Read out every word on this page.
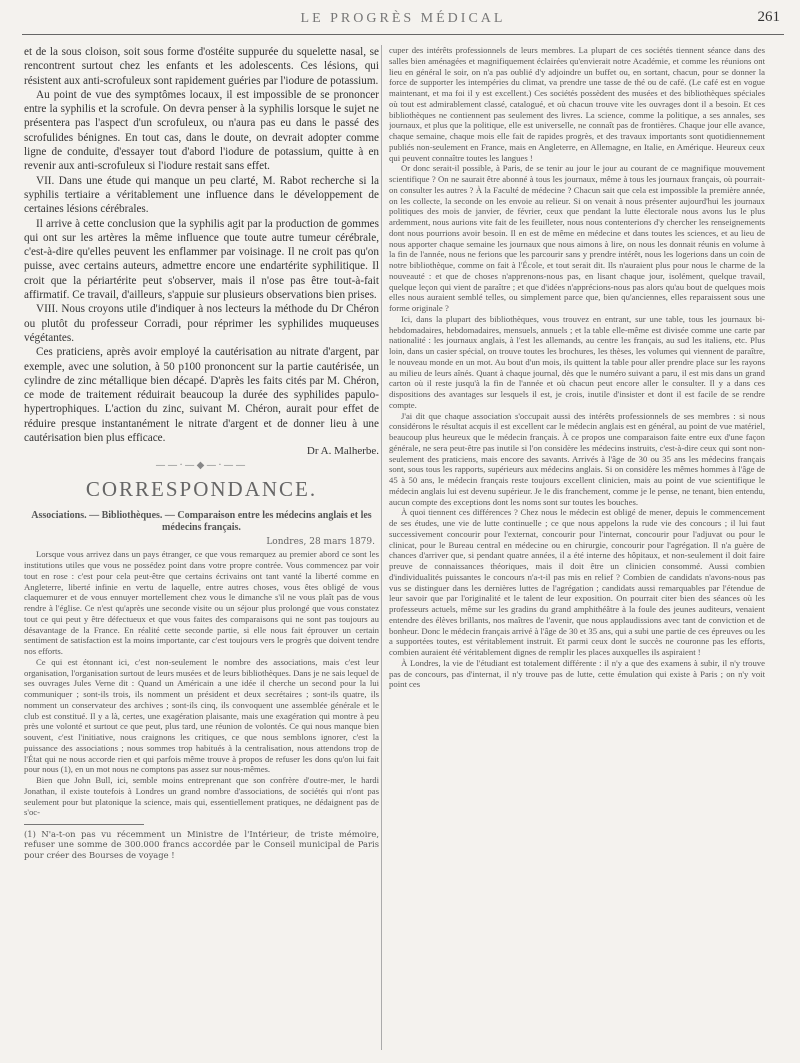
LE PROGRÈS MÉDICAL	261

et de la sous cloison, soit sous forme d'ostéite suppurée du squelette nasal, se rencontrent surtout chez les enfants et les adolescents. Ces lésions, qui résistent aux anti-scrofuleux sont rapidement guéries par l'iodure de potassium.

Au point de vue des symptômes locaux, il est impossible de se prononcer entre la syphilis et la scrofule. On devra penser à la syphilis lorsque le sujet ne présentera pas l'aspect d'un scrofuleux, ou n'aura pas eu dans le passé des scrofulides bénignes. En tout cas, dans le doute, on devrait adopter comme ligne de conduite, d'essayer tout d'abord l'iodure de potassium, quitte à en revenir aux anti-scrofuleux si l'iodure restait sans effet.

VII. Dans une étude qui manque un peu clarté, M. Rabot recherche si la syphilis tertiaire a véritablement une influence dans le développement de certaines lésions cérébrales.

Il arrive à cette conclusion que la syphilis agit par la production de gommes qui ont sur les artères la même influence que toute autre tumeur cérébrale, c'est-à-dire qu'elles peuvent les enflammer par voisinage. Il ne croit pas qu'on puisse, avec certains auteurs, admettre encore une endartérite syphilitique. Il croit que la périartérite peut s'observer, mais il n'ose pas être tout-à-fait affirmatif. Ce travail, d'ailleurs, s'appuie sur plusieurs observations bien prises.

VIII. Nous croyons utile d'indiquer à nos lecteurs la méthode du Dr Chéron ou plutôt du professeur Corradi, pour réprimer les syphilides muqueuses végétantes.

Ces praticiens, après avoir employé la cautérisation au nitrate d'argent, par exemple, avec une solution, à 50 p100 prononcent sur la partie cautérisée, un cylindre de zinc métallique bien décapé. D'après les faits cités par M. Chéron, ce mode de traitement réduirait beaucoup la durée des syphilides papulo-hypertrophiques. L'action du zinc, suivant M. Chéron, aurait pour effet de réduire presque instantanément le nitrate d'argent et de donner lieu à une cautérisation bien plus efficace.

Dr A. Malherbe.

——·—◆—·——
CORRESPONDANCE.
Associations. — Bibliothèques. — Comparaison entre les médecins anglais et les médecins français.
Londres, 28 mars 1879.

Lorsque vous arrivez dans un pays étranger, ce que vous remarquez au premier abord ce sont les institutions utiles que vous ne possédez point dans votre propre contrée. Vous commencez par voir tout en rose : c'est pour cela peut-être que certains écrivains ont tant vanté la liberté comme en Angleterre, liberté infinie en vertu de laquelle, entre autres choses, vous êtes obligé de vous claquemurer et de vous ennuyer mortellement chez vous le dimanche s'il ne vous plaît pas de vous rendre à l'église. Ce n'est qu'après une seconde visite ou un séjour plus prolongé que vous constatez tout ce qui peut y être défectueux et que vous faites des comparaisons qui ne sont pas toujours au désavantage de la France. En réalité cette seconde partie, si elle nous fait éprouver un certain sentiment de satisfaction est la moins importante, car c'est toujours vers le progrès que doivent tendre nos efforts.

Ce qui est étonnant ici, c'est non-seulement le nombre des associations, mais c'est leur organisation, l'organisation surtout de leurs musées et de leurs bibliothèques. Dans je ne sais lequel de ses ouvrages Jules Verne dit : Quand un Américain a une idée il cherche un second pour la lui communiquer ; sont-ils trois, ils nomment un président et deux secrétaires ; sont-ils quatre, ils nomment un conservateur des archives ; sont-ils cinq, ils convoquent une assemblée générale et le club est constitué. Il y a là, certes, une exagération plaisante, mais une exagération qui montre à peu près une volonté et surtout ce que peut, plus tard, une réunion de volontés. Ce qui nous manque bien souvent, c'est l'initiative, nous craignons les critiques, ce que nous semblons ignorer, c'est la puissance des associations ; nous sommes trop habitués à la centralisation, nous attendons trop de l'État qui ne nous accorde rien et qui parfois même trouve à propos de refuser les dons qu'on lui fait pour nous (1), en un mot nous ne comptons pas assez sur nous-mêmes.

Bien que John Bull, ici, semble moins entreprenant que son confrère d'outre-mer, le hardi Jonathan, il existe toutefois à Londres un grand nombre d'associations, de sociétés qui n'ont pas seulement pour but platonique la science, mais qui, essentiellement pratiques, ne dédaignent pas de s'oc-

(1) N'a-t-on pas vu récemment un Ministre de l'Intérieur, de triste mémoire, refuser une somme de 300.000 francs accordée par le Conseil municipal de Paris pour créer des Bourses de voyage !

cuper des intérêts professionnels de leurs membres. La plupart de ces sociétés tiennent séance dans des salles bien aménagées et magnifiquement éclairées qu'envierait notre Académie, et comme les réunions ont lieu en général le soir, on n'a pas oublié d'y adjoindre un buffet ou, en sortant, chacun, pour se donner la force de supporter les intempéries du climat, va prendre une tasse de thé ou de café. (Le café est en vogue maintenant, et ma foi il y est excellent.) Ces sociétés possèdent des musées et des bibliothèques spéciales où tout est admirablement classé, catalogué, et où chacun trouve vite les ouvrages dont il a besoin. Et ces bibliothèques ne contiennent pas seulement des livres. La science, comme la politique, a ses annales, ses journaux, et plus que la politique, elle est universelle, ne connaît pas de frontières. Chaque jour elle avance, chaque semaine, chaque mois elle fait de rapides progrès, et des travaux importants sont quotidiennement publiés non-seulement en France, mais en Angleterre, en Allemagne, en Italie, en Amérique. Heureux ceux qui peuvent connaître toutes les langues !

Or donc serait-il possible, à Paris, de se tenir au jour le jour au courant de ce magnifique mouvement scientifique ? On ne saurait être abonné à tous les journaux, même à tous les journaux français, où pourrait-on consulter les autres ? À la Faculté de médecine ? Chacun sait que cela est impossible la première année, on les collecte, la seconde on les envoie au relieur. Si on venait à nous présenter aujourd'hui les journaux politiques des mois de janvier, de février, ceux que pendant la lutte électorale nous avons lus le plus ardemment, nous aurions vite fait de les feuilleter, nous nous contenterions d'y chercher les renseignements dont nous pourrions avoir besoin. Il en est de même en médecine et dans toutes les sciences, et au lieu de nous apporter chaque semaine les journaux que nous aimons à lire, on nous les donnait réunis en volume à la fin de l'année, nous ne ferions que les parcourir sans y prendre intérêt, nous les logerions dans un coin de notre bibliothèque, comme on fait à l'École, et tout serait dit. Ils n'auraient plus pour nous le charme de la nouveauté : et que de choses n'apprenons-nous pas, en lisant chaque jour, isolément, quelque travail, quelque leçon qui vient de paraître ; et que d'idées n'apprécions-nous pas alors qu'au bout de quelques mois elles nous auraient semblé telles, ou simplement parce que, bien qu'anciennes, elles reparaissent sous une forme originale ?

Ici, dans la plupart des bibliothèques, vous trouvez en entrant, sur une table, tous les journaux bi-hebdomadaires, hebdomadaires, mensuels, annuels ; et la table elle-même est divisée comme une carte par nationalité : les journaux anglais, à l'est les allemands, au centre les français, au sud les italiens, etc. Plus loin, dans un casier spécial, on trouve toutes les brochures, les thèses, les volumes qui viennent de paraître, le nouveau monde en un mot. Au bout d'un mois, ils quittent la table pour aller prendre place sur les rayons au milieu de leurs aînés. Quant à chaque journal, dès que le numéro suivant a paru, il est mis dans un grand carton où il reste jusqu'à la fin de l'année et où chacun peut encore aller le consulter. Il y a dans ces dispositions des avantages sur lesquels il est, je crois, inutile d'insister et dont il est facile de se rendre compte.

J'ai dit que chaque association s'occupait aussi des intérêts professionnels de ses membres : si nous considérons le résultat acquis il est excellent car le médecin anglais est en général, au point de vue matériel, beaucoup plus heureux que le médecin français. À ce propos une comparaison faite entre eux d'une façon générale, ne sera peut-être pas inutile si l'on considère les médecins instruits, c'est-à-dire ceux qui sont non-seulement des praticiens, mais encore des savants. Arrivés à l'âge de 30 ou 35 ans les médecins français sont, sous tous les rapports, supérieurs aux médecins anglais. Si on considère les mêmes hommes à l'âge de 45 à 50 ans, le médecin français reste toujours excellent clinicien, mais au point de vue scientifique le médecin anglais lui est devenu supérieur. Je le dis franchement, comme je le pense, ne tenant, bien entendu, aucun compte des exceptions dont les noms sont sur toutes les bouches.

À quoi tiennent ces différences ? Chez nous le médecin est obligé de mener, depuis le commencement de ses études, une vie de lutte continuelle ; ce que nous appelons la rude vie des concours ; il lui faut successivement concourir pour l'externat, concourir pour l'internat, concourir pour l'adjuvat ou pour le clinicat, pour le Bureau central en médecine ou en chirurgie, concourir pour l'agrégation. Il n'a guère de chances d'arriver que, si pendant quatre années, il a été interne des hôpitaux, et non-seulement il doit faire preuve de connaissances théoriques, mais il doit être un clinicien consommé. Aussi combien d'individualités puissantes le concours n'a-t-il pas mis en relief ? Combien de candidats n'avons-nous pas vus se distinguer dans les dernières luttes de l'agrégation ; candidats aussi remarquables par l'étendue de leur savoir que par l'originalité et le talent de leur exposition. On pourrait citer bien des séances où les professeurs actuels, même sur les gradins du grand amphithéâtre à la foule des jeunes auditeurs, venaient entendre des élèves brillants, nos maîtres de l'avenir, que nous applaudissions avec tant de conviction et de bonheur. Donc le médecin français arrivé à l'âge de 30 et 35 ans, qui a subi une partie de ces épreuves ou les a supportées toutes, est véritablement instruit. Et parmi ceux dont le succès ne couronne pas les efforts, combien auraient été véritablement dignes de remplir les places auxquelles ils aspiraient !

À Londres, la vie de l'étudiant est totalement différente : il n'y a que des examens à subir, il n'y trouve pas de concours, pas d'internat, il n'y trouve pas de lutte, cette émulation qui existe à Paris ; on n'y voit point ces
